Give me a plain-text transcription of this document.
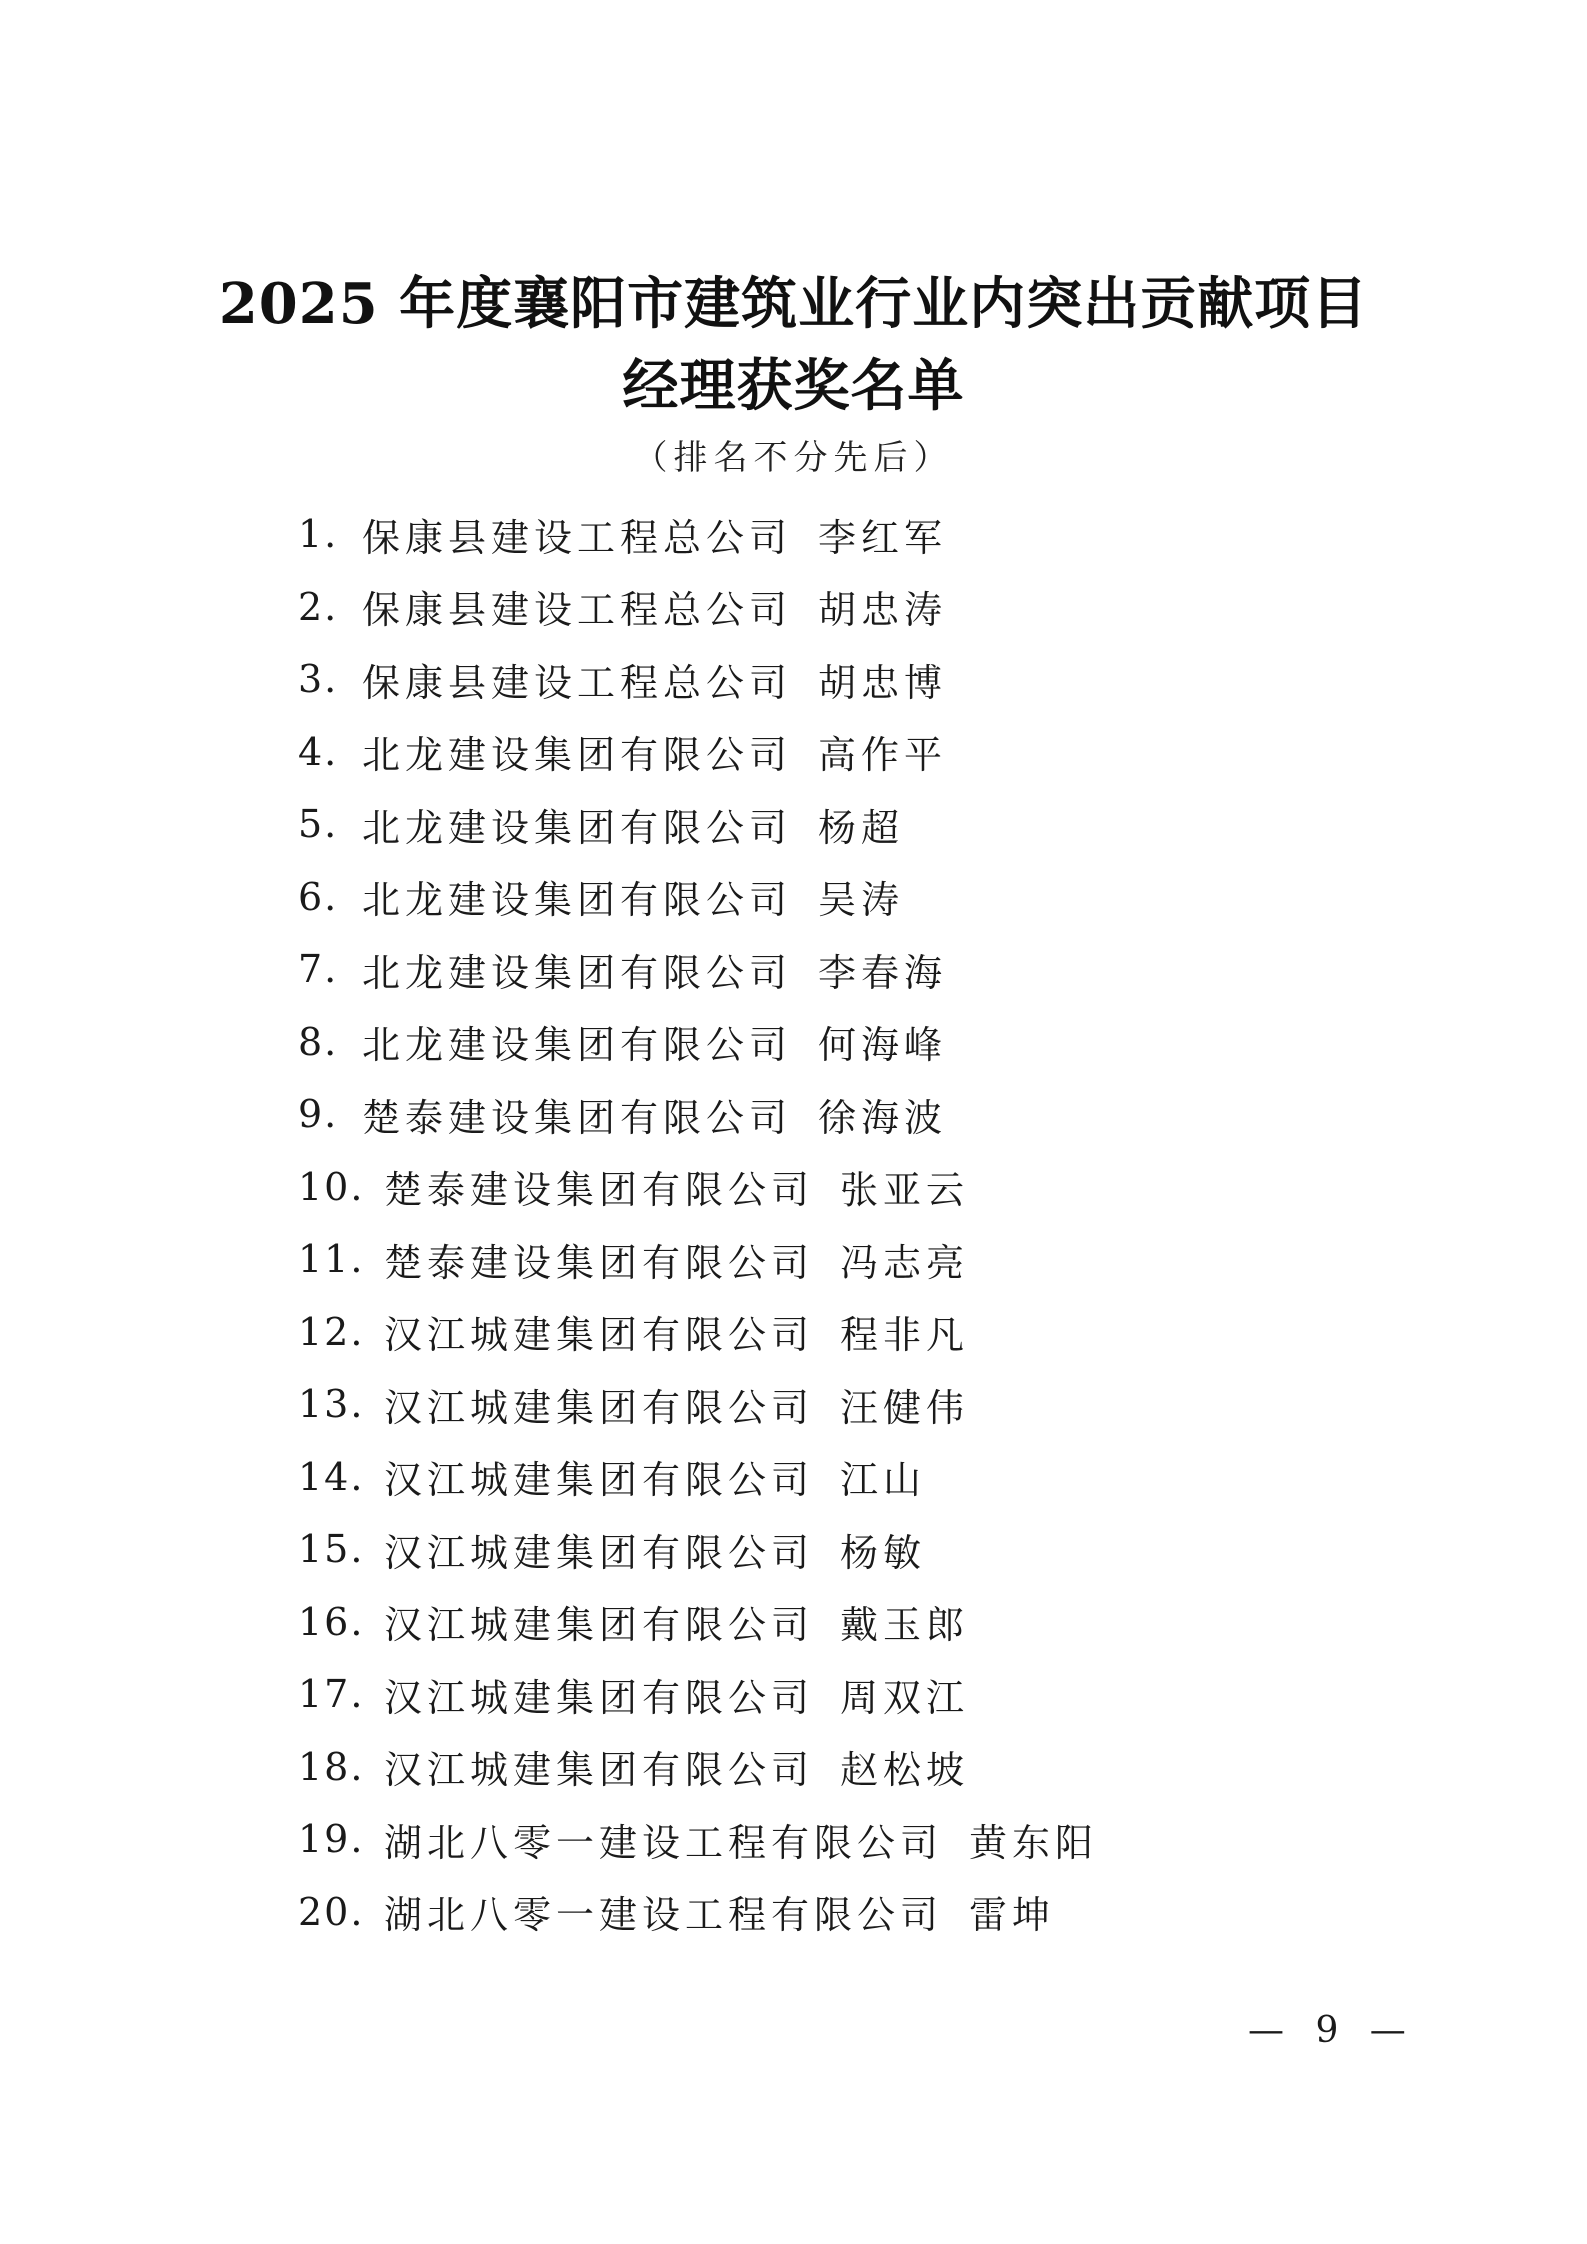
2025 年度襄阳市建筑业行业内突出贡献项目
经理获奖名单
（排名不分先后）
1. 保康县建设工程总公司 李红军
2. 保康县建设工程总公司 胡忠涛
3. 保康县建设工程总公司 胡忠博
4. 北龙建设集团有限公司 高作平
5. 北龙建设集团有限公司 杨超
6. 北龙建设集团有限公司 吴涛
7. 北龙建设集团有限公司 李春海
8. 北龙建设集团有限公司 何海峰
9. 楚泰建设集团有限公司 徐海波
10. 楚泰建设集团有限公司 张亚云
11. 楚泰建设集团有限公司 冯志亮
12. 汉江城建集团有限公司 程非凡
13. 汉江城建集团有限公司 汪健伟
14. 汉江城建集团有限公司 江山
15. 汉江城建集团有限公司 杨敏
16. 汉江城建集团有限公司 戴玉郎
17. 汉江城建集团有限公司 周双江
18. 汉江城建集团有限公司 赵松坡
19. 湖北八零一建设工程有限公司 黄东阳
20. 湖北八零一建设工程有限公司 雷坤
— 9 —
